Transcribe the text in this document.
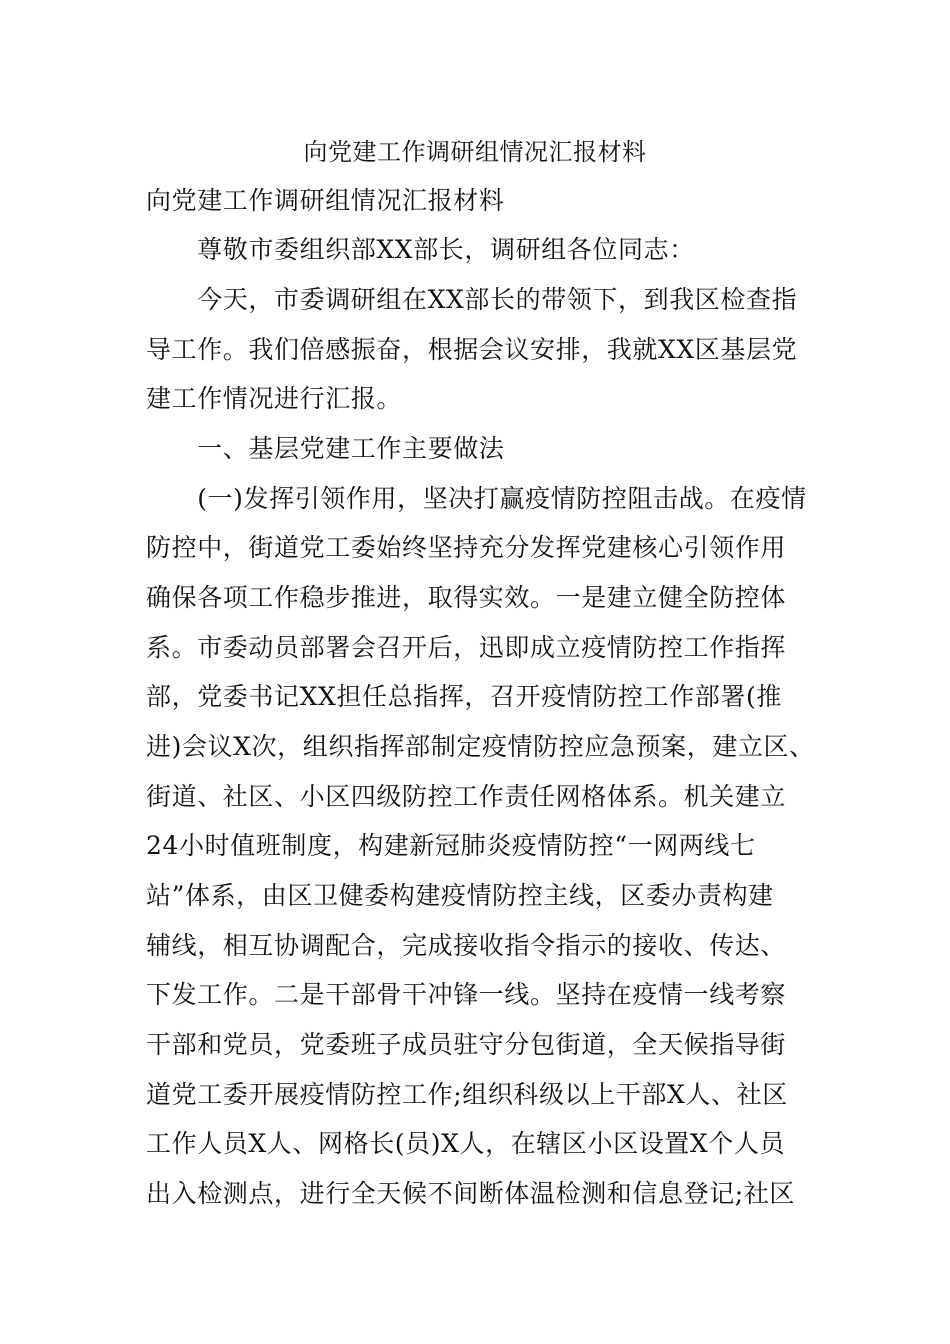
向党建工作调研组情况汇报材料
向党建工作调研组情况汇报材料
　　尊敬市委组织部XX部长，调研组各位同志：
　　今天，市委调研组在XX部长的带领下，到我区检查指
导工作。我们倍感振奋，根据会议安排，我就XX区基层党
建工作情况进行汇报。
　　一、基层党建工作主要做法
　　(一)发挥引领作用，坚决打赢疫情防控阻击战。在疫情
防控中，街道党工委始终坚持充分发挥党建核心引领作用
确保各项工作稳步推进，取得实效。一是建立健全防控体
系。市委动员部署会召开后，迅即成立疫情防控工作指挥
部，党委书记XX担任总指挥，召开疫情防控工作部署(推
进)会议X次，组织指挥部制定疫情防控应急预案，建立区、
街道、社区、小区四级防控工作责任网格体系。机关建立
24小时值班制度，构建新冠肺炎疫情防控“一网两线七
站”体系，由区卫健委构建疫情防控主线，区委办责构建
辅线，相互协调配合，完成接收指令指示的接收、传达、
下发工作。二是干部骨干冲锋一线。坚持在疫情一线考察
干部和党员，党委班子成员驻守分包街道，全天候指导街
道党工委开展疫情防控工作;组织科级以上干部X人、社区
工作人员X人、网格长(员)X人，在辖区小区设置X个人员
出入检测点，进行全天候不间断体温检测和信息登记;社区
